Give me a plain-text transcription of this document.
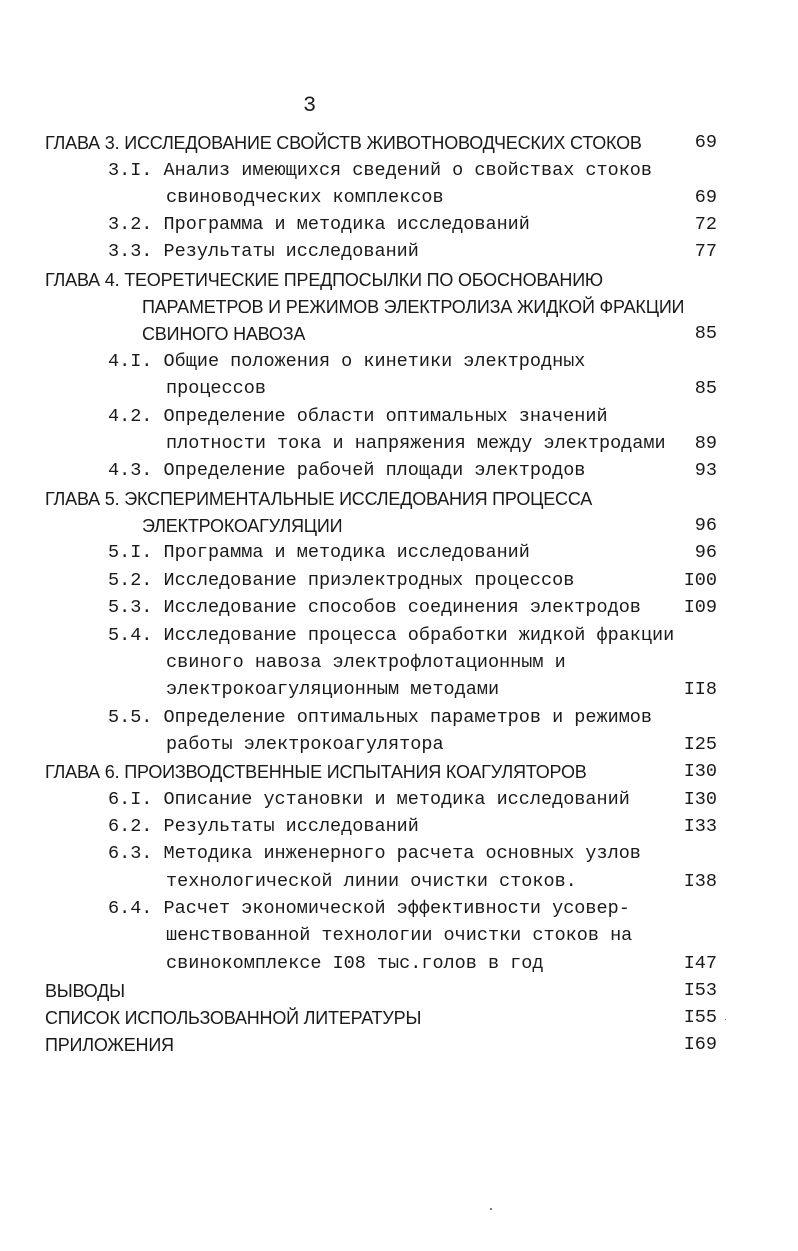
3
ГЛАВА 3. ИССЛЕДОВАНИЕ СВОЙСТВ ЖИВОТНОВОДЧЕСКИХ СТОКОВ	69
3.I. Анализ имеющихся сведений о свойствах стоков
свиноводческих комплексов	69
3.2. Программа и методика исследований	72
3.3. Результаты исследований	77
ГЛАВА 4. ТЕОРЕТИЧЕСКИЕ ПРЕДПОСЫЛКИ ПО ОБОСНОВАНИЮ
ПАРАМЕТРОВ И РЕЖИМОВ ЭЛЕКТРОЛИЗА ЖИДКОЙ ФРАКЦИИ
СВИНОГО НАВОЗА	85
4.I. Общие положения о кинетики электродных
процессов	85
4.2. Определение области оптимальных значений
плотности тока и напряжения между электродами 89
4.3. Определение рабочей площади электродов	93
ГЛАВА 5. ЭКСПЕРИМЕНТАЛЬНЫЕ ИССЛЕДОВАНИЯ ПРОЦЕССА
ЭЛЕКТРОКОАГУЛЯЦИИ	96
5.I. Программа и методика исследований	96
5.2. Исследование приэлектродных процессов	I00
5.3. Исследование способов соединения электродов I09
5.4. Исследование процесса обработки жидкой фракции
свиного навоза электрофлотационным и
электрокоагуляционным методами	II8
5.5. Определение оптимальных параметров и режимов
работы электрокоагулятора	I25
ГЛАВА 6. ПРОИЗВОДСТВЕННЫЕ ИСПЫТАНИЯ КОАГУЛЯТОРОВ	I30
6.I. Описание установки и методика исследований	I30
6.2. Результаты исследований	I33
6.3. Методика инженерного расчета основных узлов
технологической линии очистки стоков.	I38
6.4. Расчет экономической эффективности усовер-
шенствованной технологии очистки стоков на
свинокомплексе I08 тыс.голов в год	I47
ВЫВОДЫ	I53
СПИСОК ИСПОЛЬЗОВАННОЙ ЛИТЕРАТУРЫ	I55
ПРИЛОЖЕНИЯ	I69
